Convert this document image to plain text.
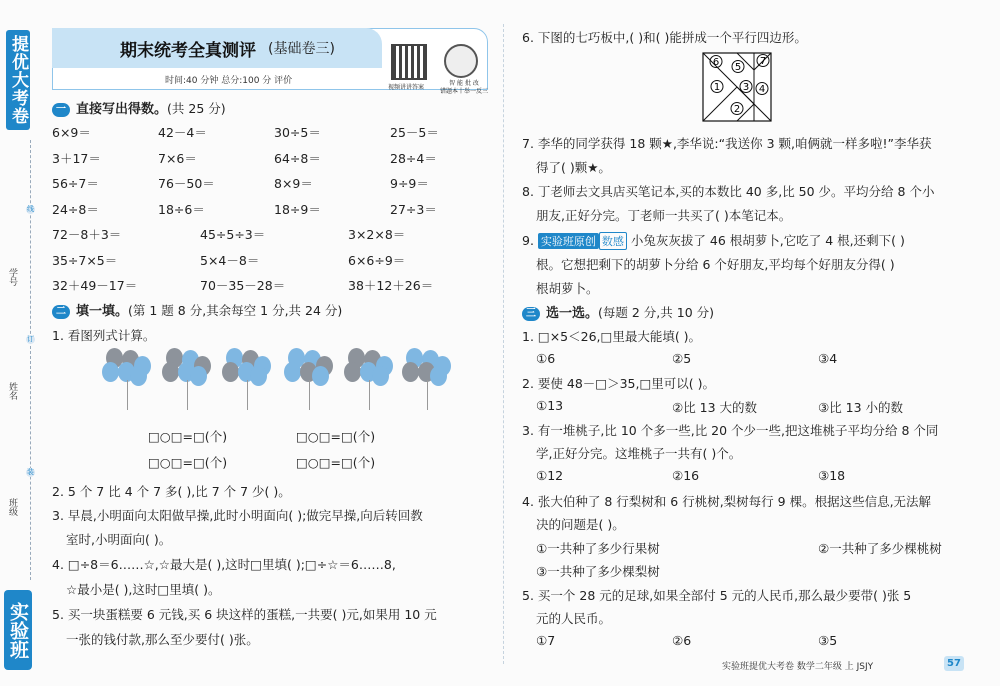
提优大考卷
线
订
装
学号
姓名
班级
实验班
期末统考全真测评 (基础卷三)
时间:40 分钟 总分:100 分 评价
视频讲讲答案
智 能 批 改
错题本十举一反三
一 直接写出得数。(共 25 分)
6×9＝	42－4＝	30÷5＝	25－5＝
3＋17＝	7×6＝	64÷8＝	28÷4＝
56÷7＝	76－50＝	8×9＝	9÷9＝
24÷8＝	18÷6＝	18÷9＝	27÷3＝
72－8＋3＝	45÷5÷3＝	3×2×8＝
35÷7×5＝	5×4－8＝	6×6÷9＝
32＋49－17＝	70－35－28＝	38＋12＋26＝
二 填一填。(第 1 题 8 分,其余每空 1 分,共 24 分)
1. 看图列式计算。
□○□=□(个)	□○□=□(个)
□○□=□(个)	□○□=□(个)
2. 5 个 7 比 4 个 7 多( ),比 7 个 7 少( )。
3. 早晨,小明面向太阳做早操,此时小明面向( );做完早操,向后转回教
室时,小明面向( )。
4. □÷8＝6……☆,☆最大是( ),这时□里填( );□÷☆＝6……8,
☆最小是( ),这时□里填( )。
5. 买一块蛋糕要 6 元钱,买 6 块这样的蛋糕,一共要( )元,如果用 10 元
一张的钱付款,那么至少要付( )张。
6. 下图的七巧板中,( )和( )能拼成一个平行四边形。
6 5
7
1	4
3
2
7. 李华的同学获得 18 颗★,李华说:“我送你 3 颗,咱俩就一样多啦!”李华获
得了( )颗★。
8. 丁老师去文具店买笔记本,买的本数比 40 多,比 50 少。平均分给 8 个小
朋友,正好分完。丁老师一共买了( )本笔记本。
9. 实验班原创 数感 小兔灰灰拔了 46 根胡萝卜,它吃了 4 根,还剩下( )
根。它想把剩下的胡萝卜分给 6 个好朋友,平均每个好朋友分得( )
根胡萝卜。
三 选一选。(每题 2 分,共 10 分)
1. □×5＜26,□里最大能填( )。
①6	②5	③4
2. 要使 48－□＞35,□里可以( )。
①13	②比 13 大的数	③比 13 小的数
3. 有一堆桃子,比 10 个多一些,比 20 个少一些,把这堆桃子平均分给 8 个同
学,正好分完。这堆桃子一共有( )个。
①12	②16	③18
4. 张大伯种了 8 行梨树和 6 行桃树,梨树每行 9 棵。根据这些信息,无法解
决的问题是( )。
①一共种了多少行果树	②一共种了多少棵桃树
③一共种了多少棵梨树
5. 买一个 28 元的足球,如果全部付 5 元的人民币,那么最少要带( )张 5
元的人民币。
①7	②6	③5
实验班提优大考卷 数学二年级 上 JSJY	57
